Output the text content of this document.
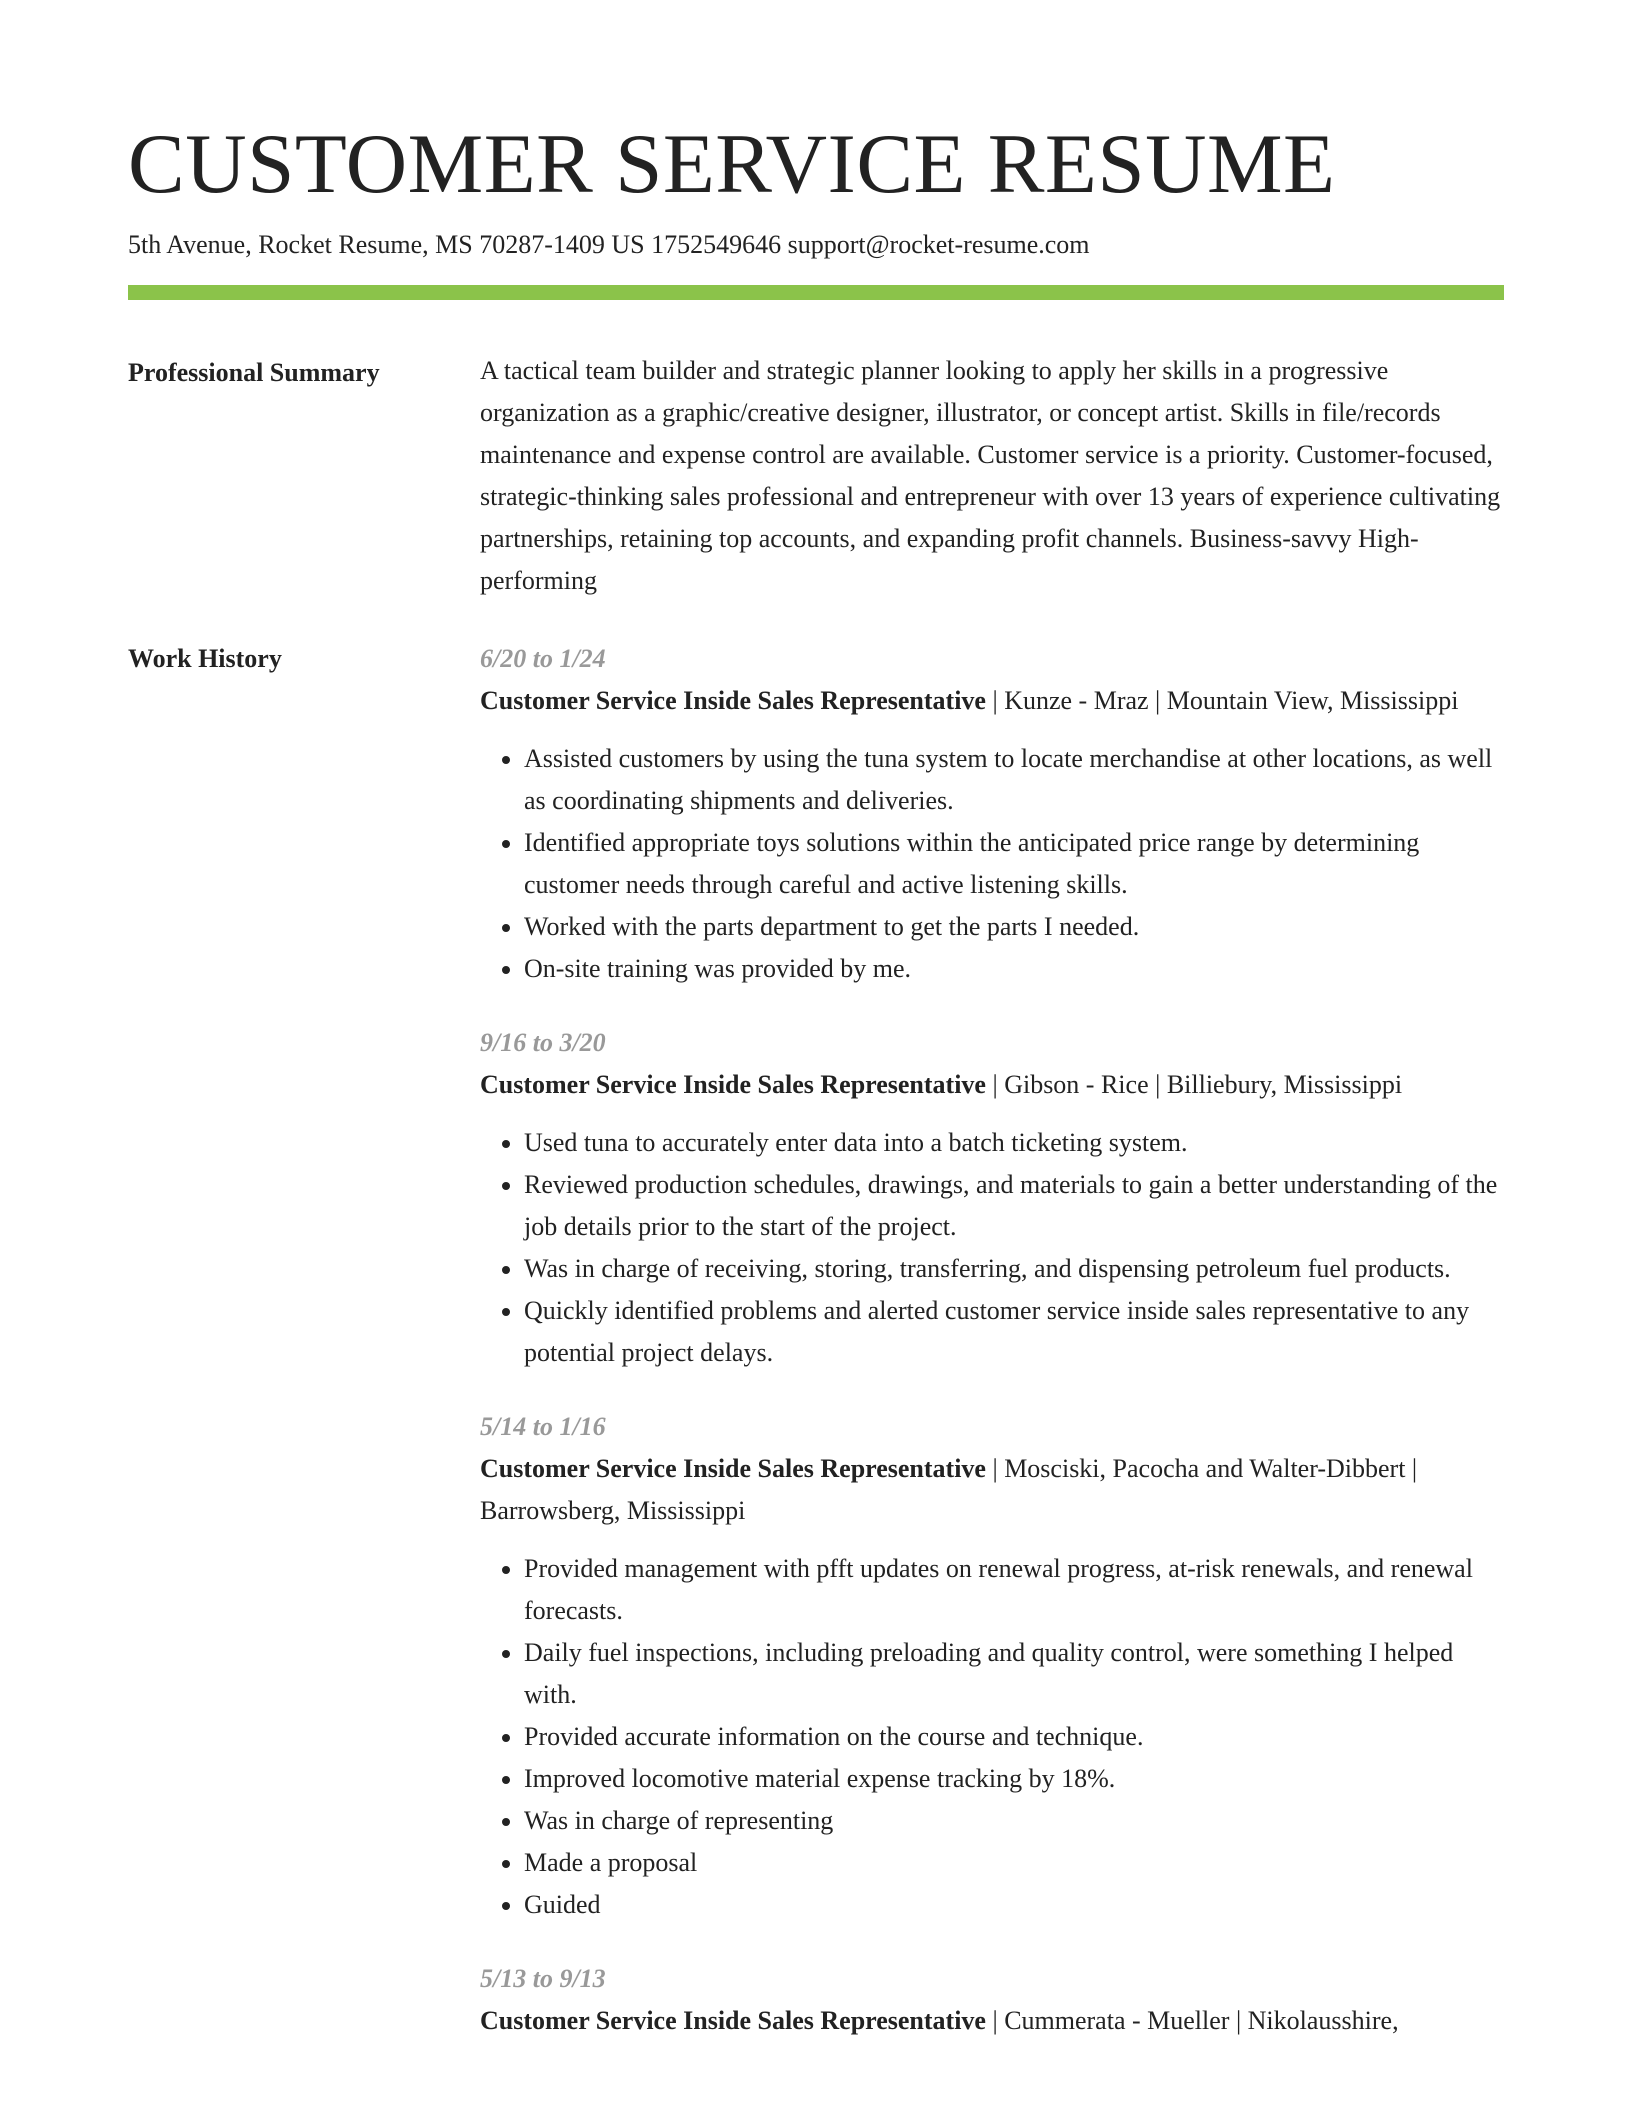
CUSTOMER SERVICE RESUME
5th Avenue, Rocket Resume, MS 70287-1409 US 1752549646 support@rocket-resume.com
Professional Summary	A tactical team builder and strategic planner looking to apply her skills in a progressive organization as a graphic/creative designer, illustrator, or concept artist. Skills in file/records maintenance and expense control are available. Customer service is a priority. Customer-focused, strategic-thinking sales professional and entrepreneur with over 13 years of experience cultivating partnerships, retaining top accounts, and expanding profit channels. Business-savvy High-performing

Work History	6/20 to 1/24
Customer Service Inside Sales Representative | Kunze - Mraz | Mountain View, Mississippi
• Assisted customers by using the tuna system to locate merchandise at other locations, as well as coordinating shipments and deliveries.
• Identified appropriate toys solutions within the anticipated price range by determining customer needs through careful and active listening skills.
• Worked with the parts department to get the parts I needed.
• On-site training was provided by me.
9/16 to 3/20
Customer Service Inside Sales Representative | Gibson - Rice | Billiebury, Mississippi
• Used tuna to accurately enter data into a batch ticketing system.
• Reviewed production schedules, drawings, and materials to gain a better understanding of the job details prior to the start of the project.
• Was in charge of receiving, storing, transferring, and dispensing petroleum fuel products.
• Quickly identified problems and alerted customer service inside sales representative to any potential project delays.
5/14 to 1/16
Customer Service Inside Sales Representative | Mosciski, Pacocha and Walter-Dibbert | Barrowsberg, Mississippi
• Provided management with pfft updates on renewal progress, at-risk renewals, and renewal forecasts.
• Daily fuel inspections, including preloading and quality control, were something I helped with.
• Provided accurate information on the course and technique.
• Improved locomotive material expense tracking by 18%.
• Was in charge of representing
• Made a proposal
• Guided
5/13 to 9/13
Customer Service Inside Sales Representative | Cummerata - Mueller | Nikolausshire,
